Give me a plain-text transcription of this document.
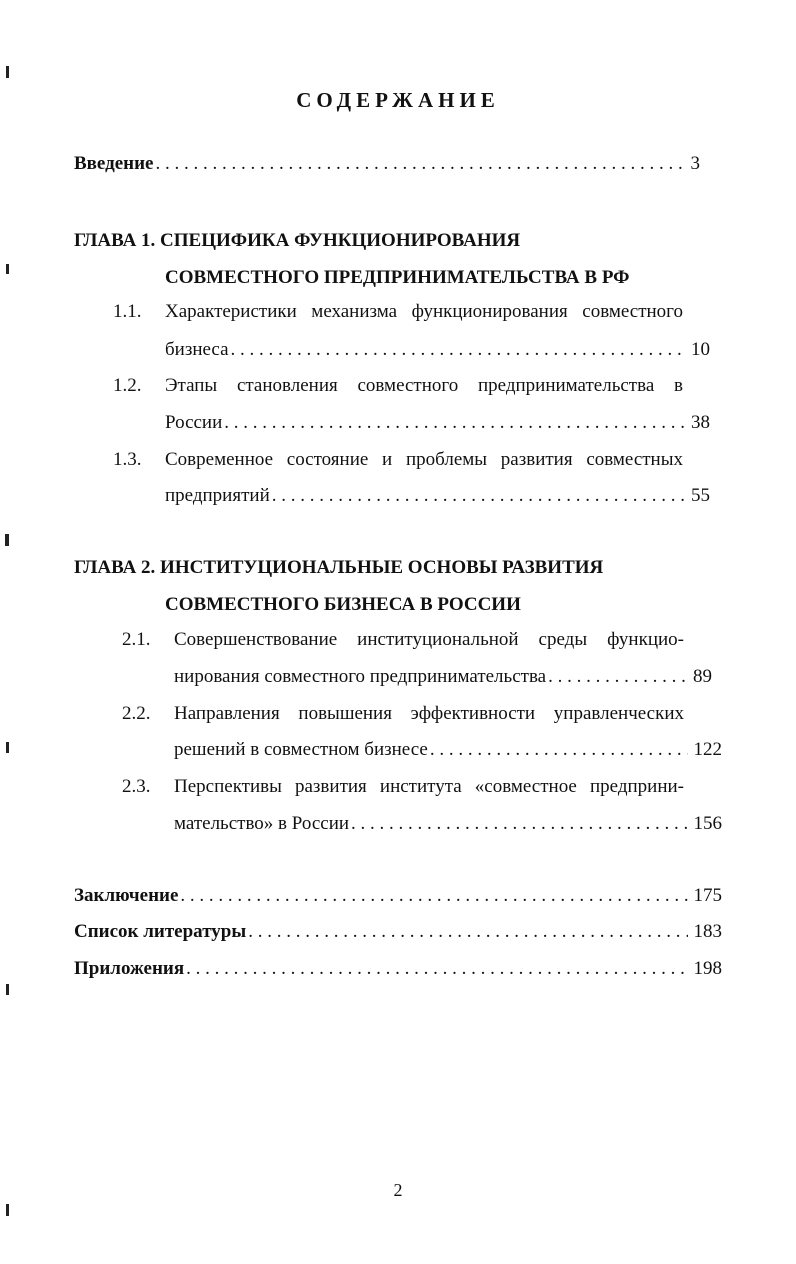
СОДЕРЖАНИЕ
Введение . . .	3
ГЛАВА 1. СПЕЦИФИКА ФУНКЦИОНИРОВАНИЯ
СОВМЕСТНОГО ПРЕДПРИНИМАТЕЛЬСТВА В РФ
1.1. Характеристики механизма функционирования совместного
бизнеса . . .	10
1.2. Этапы становления совместного предпринимательства в
России . . .	38
1.3. Современное состояние и проблемы развития совместных
предприятий . . .	55
ГЛАВА 2. ИНСТИТУЦИОНАЛЬНЫЕ ОСНОВЫ РАЗВИТИЯ
СОВМЕСТНОГО БИЗНЕСА В РОССИИ
2.1. Совершенствование институциональной среды функцио-
нирования совместного предпринимательства . . .	89
2.2. Направления повышения эффективности управленческих
решений в совместном бизнесе . . .	122
2.3. Перспективы развития института «совместное предприни-
мательство» в России . . .	156
Заключение . . .	175
Список литературы . . .	183
Приложения . . .	198
2
